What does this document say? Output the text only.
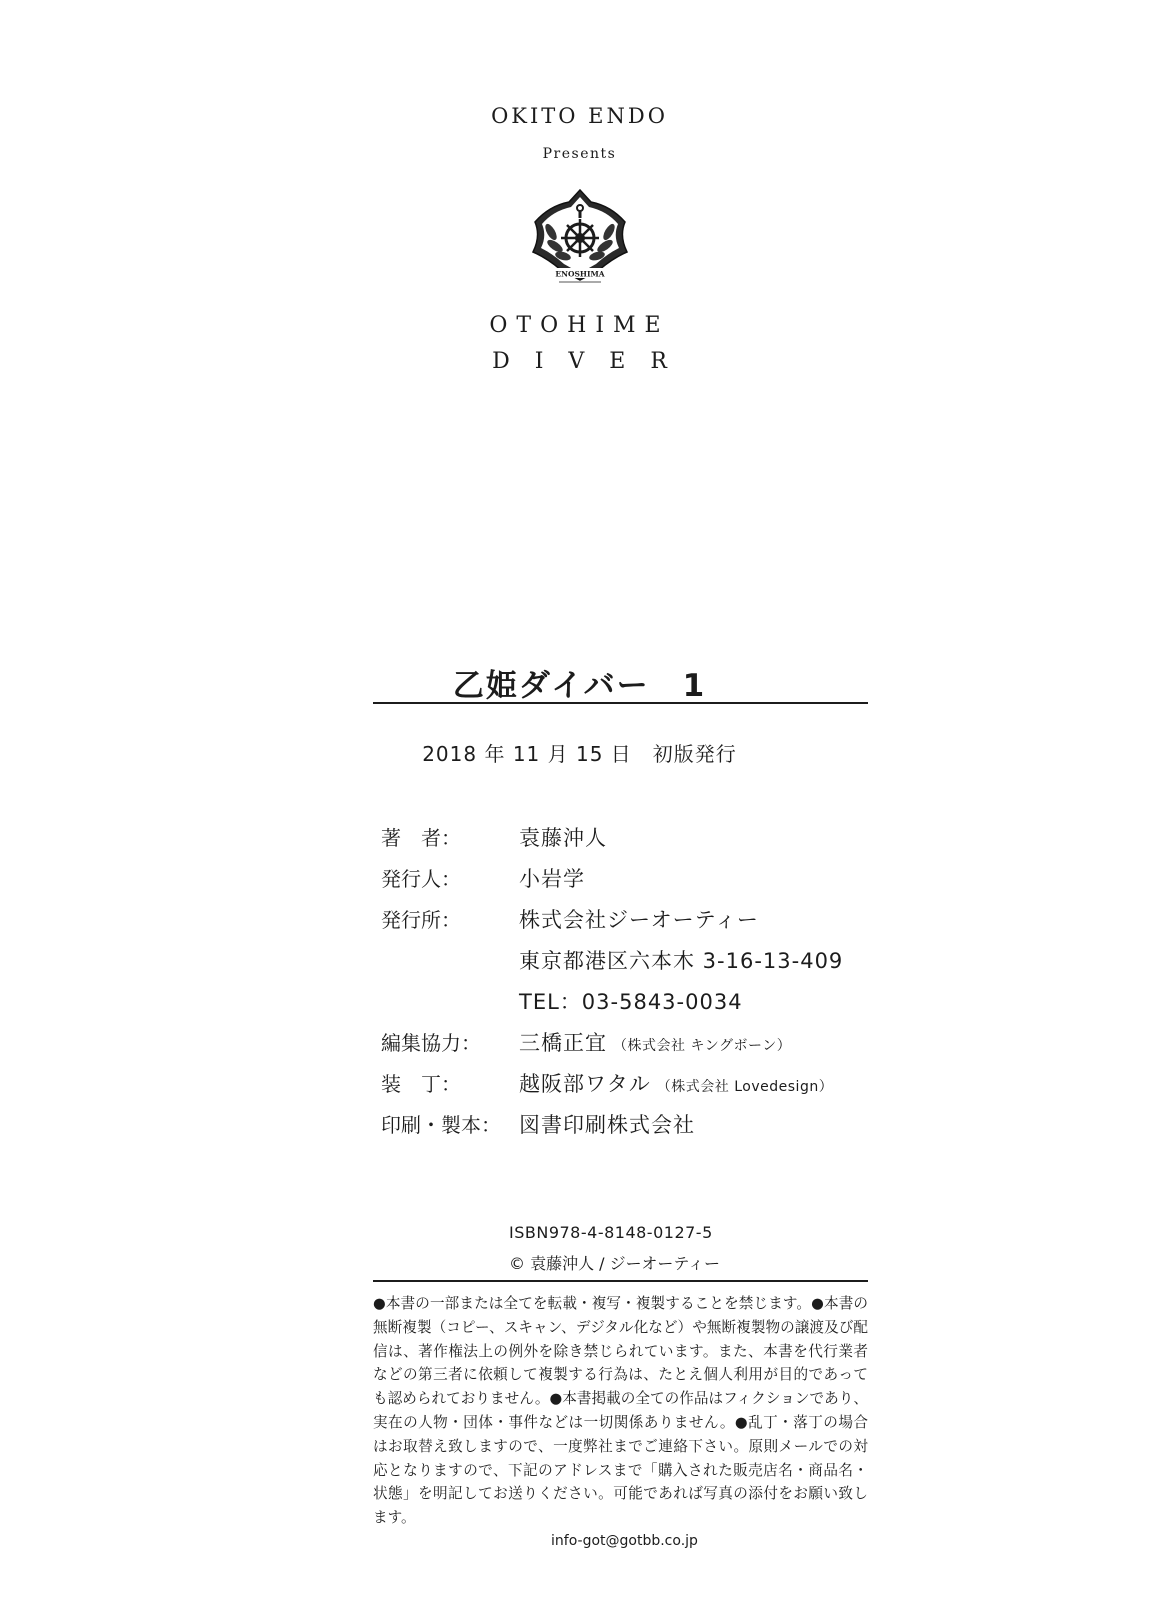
OKITO ENDO
Presents
ENOSHIMA
OTOHIME
DIVER
乙姫ダイバー　1
2018 年 11 月 15 日　初版発行
著　者：	袁藤沖人
発行人：	小岩学
発行所：	株式会社ジーオーティー
東京都港区六本木 3-16-13-409
TEL：03-5843-0034
編集協力：	三橋正宜 （株式会社 キングボーン）
装　丁：	越阪部ワタル （株式会社 Lovedesign）
印刷・製本： 図書印刷株式会社
ISBN978-4-8148-0127-5
© 袁藤沖人 / ジーオーティー
●本書の一部または全てを転載・複写・複製することを禁じます。●本書の無断複製（コピー、スキャン、デジタル化など）や無断複製物の譲渡及び配信は、著作権法上の例外を除き禁じられています。また、本書を代行業者などの第三者に依頼して複製する行為は、たとえ個人利用が目的であっても認められておりません。●本書掲載の全ての作品はフィクションであり、実在の人物・団体・事件などは一切関係ありません。●乱丁・落丁の場合はお取替え致しますので、一度弊社までご連絡下さい。原則メールでの対応となりますので、下記のアドレスまで「購入された販売店名・商品名・状態」を明記してお送りください。可能であれば写真の添付をお願い致します。
info-got@gotbb.co.jp
